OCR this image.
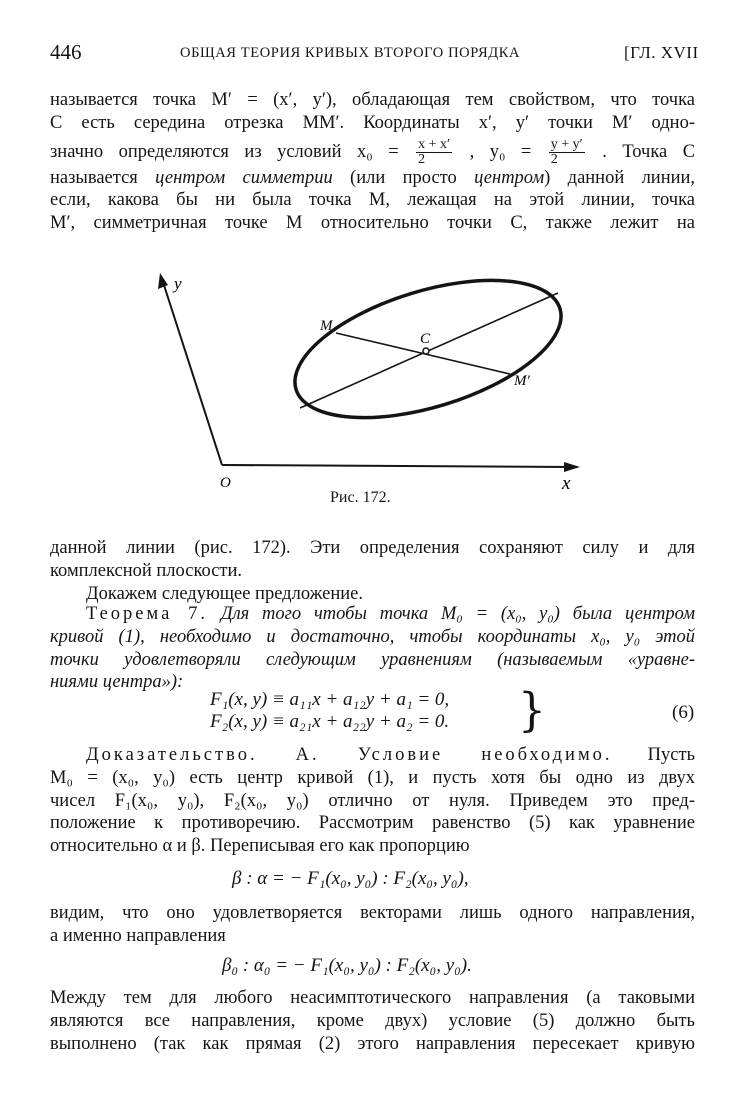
446	ОБЩАЯ ТЕОРИЯ КРИВЫХ ВТОРОГО ПОРЯДКА	[ГЛ. XVII
называется точка M′ = (x′, y′), обладающая тем свойством, что точка
C есть середина отрезка MM′. Координаты x′, y′ точки M′ одно-
значно определяются из условий $x_0 = \frac{x + x'}{2}$ , $y_0 = \frac{y + y'}{2}$ . Точка C
называется центром симметрии (или просто центром) данной линии,
если, какова бы ни была точка M, лежащая на этой линии, точка
M′, симметричная точке M относительно точки C, также лежит на
y
x
O
M
C
M′
Рис. 172.
данной линии (рис. 172). Эти определения сохраняют силу и для
комплексной плоскости.
Докажем следующее предложение.
Теорема 7. Для того чтобы точка M₀ = (x₀, y₀) была центром
кривой (1), необходимо и достаточно, чтобы координаты x₀, y₀ этой
точки удовлетворяли следующим уравнениям (называемым «уравне-
ниями центра»):
F₁(x, y) ≡ a₁₁x + a₁₂y + a₁ = 0,
F₂(x, y) ≡ a₂₁x + a₂₂y + a₂ = 0. }	(6)
Доказательство. А. Условие необходимо. Пусть
M₀ = (x₀, y₀) есть центр кривой (1), и пусть хотя бы одно из двух
чисел F₁(x₀, y₀), F₂(x₀, y₀) отлично от нуля. Приведем это пред-
положение к противоречию. Рассмотрим равенство (5) как уравнение
относительно α и β. Переписывая его как пропорцию
β : α = − F₁(x₀, y₀) : F₂(x₀, y₀),
видим, что оно удовлетворяется векторами лишь одного направления,
а именно направления
β₀ : α₀ = − F₁(x₀, y₀) : F₂(x₀, y₀).
Между тем для любого неасимптотического направления (а таковыми
являются все направления, кроме двух) условие (5) должно быть
выполнено (так как прямая (2) этого направления пересекает кривую
